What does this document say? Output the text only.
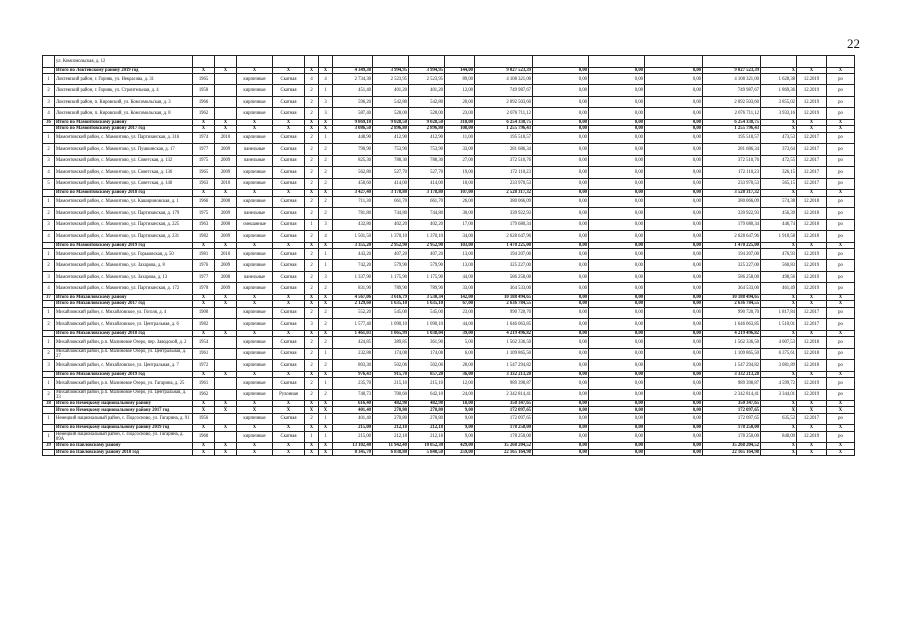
22
	ул. Комсомольская, д. 12																		
	Итого по Локтевскому району 2019 год	X	X	X	X	X	X	4 349,30	3 994,95	3 994,95	144,00	9 027 523,39	0,00	0,00	0,00	9 027 523,39	X	X	X
1	Локтевский район, г. Горняк, ул. Некрасова, д. 31	1965		кирпичные	Скатная	4	4	2 734,30	2 523,95	2 523,95	89,00	4 108 321,00	0,00	0,00	0,00	4 108 321,00	1 628,38	12.2019	ро
2	Локтевский район, г. Горняк, ул. Строительная, д. 4	1958		кирпичные	Скатная	2	1	451,40	401,20	401,20	12,00	749 987,67	0,00	0,00	0,00	749 987,67	1 869,36	12.2019	ро
3	Локтевский район, п. Кировский, ул. Комсомольская, д. 3	1966		кирпичные	Скатная	2	3	596,20	542,80	542,80	20,00	2 092 503,60	0,00	0,00	0,00	2 092 503,60	3 855,02	12.2019	ро
4	Локтевский район, п. Кировский, ул. Комсомольская, д. 8	1962		кирпичные	Скатная	2	3	587,40	528,00	528,00	23,00	2 076 711,12	0,00	0,00	0,00	2 076 711,12	3 933,16	12.2019	ро
36	Итого по Мамонтовскому району	X	X	X	X	X	X	9 869,10	9 028,50	9 028,50	318,00	6 254 338,75	0,00	0,00	0,00	6 254 338,75	X	X	X
	Итого по Мамонтовскому району 2017 год	X	X	X	X	X	X	3 086,50	2 896,80	2 896,80	108,00	1 255 796,43	0,00	0,00	0,00	1 255 796,43	X	X	X
1	Мамонтовский район, с. Мамонтово, ул. Партизанская, д. 316	1974	2010	кирпичные	Скатная	2	1	448,90	412,90	412,90	11,00	195 518,57	0,00	0,00	0,00	195 518,57	473,53	12.2017	ро
2	Мамонтовский район, с. Мамонтово, ул. Пушкинская, д. 17	1977	2009	панельные	Скатная	2	2	790,90	753,90	753,90	33,00	281 686,34	0,00	0,00	0,00	281 686,34	373,64	12.2017	ро
3	Мамонтовский район, с. Мамонтово, ул. Советская, д. 132	1975	2009	панельные	Скатная	2	2	825,30	788,30	788,30	27,00	372 510,76	0,00	0,00	0,00	372 510,76	472,55	12.2017	ро
4	Мамонтовский район, с. Мамонтово, ул. Советская, д. 136	1965	2009	кирпичные	Скатная	2	2	562,80	527,70	527,70	19,00	172 110,23	0,00	0,00	0,00	172 110,23	326,15	12.2017	ро
5	Мамонтовский район, с. Мамонтово, ул. Советская, д. 140	1963	2010	кирпичные	Скатная	2	2	458,60	414,00	414,00	18,00	233 970,53	0,00	0,00	0,00	233 970,53	565,15	12.2017	ро
	Итого по Мамонтовскому району 2018 год	X	X	X	X	X	X	3 427,40	3 178,80	3 178,80	107,00	2 528 317,32	0,00	0,00	0,00	3 528 317,32	X	X	X
1	Мамонтовский район, с. Мамонтово, ул. Кашириновская, д. 1	1966	2008	кирпичные	Скатная	2	2	711,30	661,70	661,70	26,00	380 066,09	0,00	0,00	0,00	380 066,09	574,38	12.2018	ро
2	Мамонтовский район, с. Мамонтово, ул. Партизанская, д. 179	1975	2009	панельные	Скатная	2	2	781,80	744,80	744,80	30,00	339 922,93	0,00	0,00	0,00	339 922,93	456,39	12.2018	ро
3	Мамонтовский район, с. Мамонтово, ул. Партизанская, д. 225	1963	2008	смешанные	Скатная	1	3	432,80	402,20	402,20	17,00	179 680,34	0,00	0,00	0,00	179 680,34	446,74	12.2018	ро
4	Мамонтовский район, с. Мамонтово, ул. Партизанская, д. 231	1982	2009	кирпичные	Скатная	2	4	1 501,50	1 370,10	1 370,10	34,00	2 628 647,96	0,00	0,00	0,00	2 628 647,96	1 918,58	12.2018	ро
	Итого по Мамонтовскому району 2019 год	X	X	X	X	X	X	3 355,20	2 952,90	2 952,90	103,00	1 470 225,00	0,00	0,00	0,00	1 470 225,00	X	X	X
1	Мамонтовский район, с. Мамонтово, ул. Горьковская, д. 50	1981	2010	кирпичные	Скатная	2	1	443,20	407,20	407,20	13,00	194 207,00	0,00	0,00	0,00	194 207,00	476,93	12.2019	ро
2	Мамонтовский район, с. Мамонтово, ул. Захарова, д. 8	1976	2009	кирпичные	Скатная	2	1	742,20	579,90	579,90	13,00	325 227,00	0,00	0,00	0,00	325 227,00	560,83	12.2019	ро
3	Мамонтовский район, с. Мамонтово, ул. Захарова, д. 13	1977	2008	панельные	Скатная	2	3	1 337,90	1 175,90	1 175,90	44,00	586 258,00	0,00	0,00	0,00	586 258,00	498,56	12.2019	ро
4	Мамонтовский район, с. Мамонтово, ул. Партизанская, д. 172	1978	2009	кирпичные	Скатная	2	2	831,90	789,90	789,90	33,00	364 533,00	0,00	0,00	0,00	364 533,00	461,49	12.2019	ро
37	Итого по Михайловскому району	X	X	X	X	X	X	4 567,06	3 616,79	3 530,34	142,00	10 188 494,65	0,00	0,00	0,00	10 188 494,65	X	X	X
	Итого по Михайловскому району 2017 год	X	X	X	X	X	X	2 129,60	1 635,10	1 635,10	67,00	2 636 784,55	0,00	0,00	0,00	2 636 784,55	X	X	X
1	Михайловский район, с. Михайловское, ул. Гоголя, д. 4	1900		кирпичные	Скатная	2	2	552,20	545,00	545,00	23,00	990 720,70	0,00	0,00	0,00	990 720,70	1 817,84	12.2017	ро
2	Михайловский район, с. Михайловское, ул. Центральная, д. 6	1982		кирпичные	Скатная	3	2	1 577,40	1 090,10	1 090,10	44,00	1 646 063,85	0,00	0,00	0,00	1 646 063,85	1 510,01	12.2017	ро
	Итого по Михайловскому району 2018 год	X	X	X	X	X	X	1 461,03	1 065,99	1 038,04	39,00	4 219 496,82	0,00	0,00	0,00	4 219 496,82	X	X	X
1	Михайловский район, р.п. Малиновое Озеро, пер. Заводской, д. 2	1954		кирпичные	Скатная	2	2	424,85	389,85	361,90	5,00	1 562 336,50	0,00	0,00	0,00	1 562 336,50	4 007,53	12.2018	ро
2	Михайловский район, р.п. Малиновое Озеро, ул. Центральная, д. 27	1961		кирпичные	Скатная	2	1	232,88	174,08	174,08	6,00	1 109 865,50	0,00	0,00	0,00	1 109 865,50	6 375,61	12.2018	ро
3	Михайловский район, с. Михайловское, ул. Центральная, д. 7	1972		кирпичные	Скатная	2	2	803,30	502,06	502,06	28,00	1 547 294,82	0,00	0,00	0,00	1 547 294,82	3 081,89	12.2018	ро
	Итого по Михайловскому району 2019 год	X	X	X	X	X	X	976,43	915,70	857,20	36,00	3 332 213,28	0,00	0,00	0,00	3 332 213,28	X	X	X
1	Михайловский район, р.п. Малиновое Озеро, ул. Гагарина, д. 25	1961		кирпичные	Скатная	2	1	235,70	215,10	215,10	12,00	989 398,87	0,00	0,00	0,00	989 398,87	4 599,72	12.2019	ро
2	Михайловский район, р.п. Малиновое Озеро, ул. Центральная, д. 33	1962		кирпичные	Рулонная	2	2	740,73	700,60	642,10	24,00	2 342 814,41	0,00	0,00	0,00	2 342 814,41	3 344,01	12.2019	ро
38	Итого по Немецкому национальному району	X	X	X	X	X	X	616,40	482,98	482,98	18,00	350 347,65	0,00	0,00	0,00	350 347,65	X	X	X
	Итого по Немецкому национальному району 2017 год	X	X	X	X	X	X	401,40	270,80	270,80	9,00	172 097,65	0,00	0,00	0,00	172 097,65	X	X	X
1	Немецкий национальный район, с. Подсосново, ул. Гагарина, д. 91	1956		кирпичные	Скатная	2	1	401,40	270,80	270,80	9,00	172 097,65	0,00	0,00	0,00	172 097,65	635,52	12.2017	ро
	Итого по Немецкому национальному району 2019 год	X	X	X	X	X	X	215,00	212,18	212,18	9,00	178 250,00	0,00	0,00	0,00	178 250,00	X	X	X
1	Немецкий национальный район, с. Подсосново, ул. Гагарина, д. 89А	1960		кирпичные	Скатная	1	1	215,00	212,18	212,18	9,00	178 250,00	0,00	0,00	0,00	178 250,00	840,09	12.2019	ро
39	Итого по Павловскому району	X	X	X	X	X	X	13 102,40	11 942,40	10 052,30	429,00	35 268 204,52	0,00	0,00	0,00	35 268 204,52	X	X	X
	Итого по Павловскому району 2018 год	X	X	X	X	X	X	8 345,70	6 838,80	5 848,50	259,00	22 165 164,98	0,00	0,00	0,00	22 165 164,98	X	X	X
